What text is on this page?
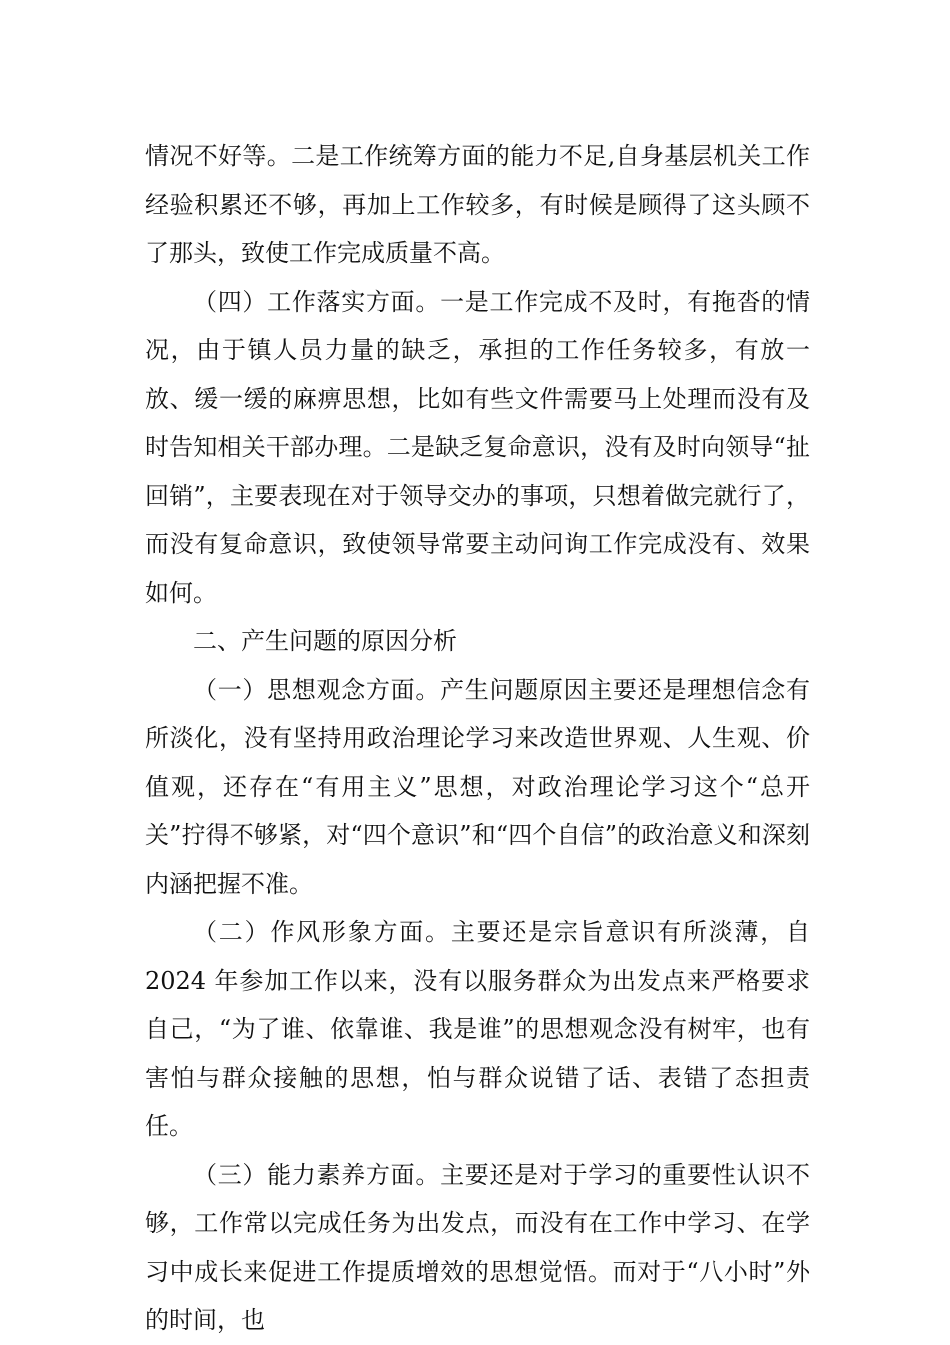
情况不好等。二是工作统筹方面的能力不足,自身基层机关工作经验积累还不够，再加上工作较多，有时候是顾得了这头顾不了那头，致使工作完成质量不高。

（四）工作落实方面。一是工作完成不及时，有拖沓的情况，由于镇人员力量的缺乏，承担的工作任务较多，有放一放、缓一缓的麻痹思想，比如有些文件需要马上处理而没有及时告知相关干部办理。二是缺乏复命意识，没有及时向领导“扯回销”，主要表现在对于领导交办的事项，只想着做完就行了，而没有复命意识，致使领导常要主动问询工作完成没有、效果如何。

二、产生问题的原因分析

（一）思想观念方面。产生问题原因主要还是理想信念有所淡化，没有坚持用政治理论学习来改造世界观、人生观、价值观，还存在“有用主义”思想，对政治理论学习这个“总开关”拧得不够紧，对“四个意识”和“四个自信”的政治意义和深刻内涵把握不准。

（二）作风形象方面。主要还是宗旨意识有所淡薄，自 2024 年参加工作以来，没有以服务群众为出发点来严格要求自己，“为了谁、依靠谁、我是谁”的思想观念没有树牢，也有害怕与群众接触的思想，怕与群众说错了话、表错了态担责任。

（三）能力素养方面。主要还是对于学习的重要性认识不够，工作常以完成任务为出发点，而没有在工作中学习、在学习中成长来促进工作提质增效的思想觉悟。而对于“八小时”外的时间，也
